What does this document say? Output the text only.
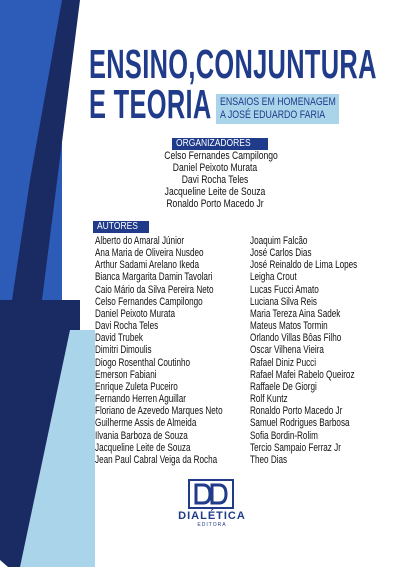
ENSINO,CONJUNTURA
E TEORIA ENSAIOS EM HOMENAGEM
A JOSÉ EDUARDO FARIA
ORGANIZADORES
Celso Fernandes Campilongo
Daniel Peixoto Murata
Davi Rocha Teles
Jacqueline Leite de Souza
Ronaldo Porto Macedo Jr
AUTORES
Alberto do Amaral Júnior
Ana Maria de Oliveira Nusdeo
Arthur Sadami Arelano Ikeda
Bianca Margarita Damin Tavolari
Caio Mário da Silva Pereira Neto
Celso Fernandes Campilongo
Daniel Peixoto Murata
Davi Rocha Teles
David Trubek
Dimitri Dimoulis
Diogo Rosenthal Coutinho
Emerson Fabiani
Enrique Zuleta Puceiro
Fernando Herren Aguillar
Floriano de Azevedo Marques Neto
Guilherme Assis de Almeida
Ilvania Barboza de Souza
Jacqueline Leite de Souza
Jean Paul Cabral Veiga da Rocha
Joaquim Falcão
José Carlos Dias
José Reinaldo de Lima Lopes
Leigha Crout
Lucas Fucci Amato
Luciana Silva Reis
Maria Tereza Aina Sadek
Mateus Matos Tormin
Orlando Villas Bôas Filho
Oscar Vilhena Vieira
Rafael Diniz Pucci
Rafael Mafei Rabelo Queiroz
Raffaele De Giorgi
Rolf Kuntz
Ronaldo Porto Macedo Jr
Samuel Rodrigues Barbosa
Sofia Bordin-Rolim
Tercio Sampaio Ferraz Jr
Theo Dias
DIALÉTICA
EDITORA
